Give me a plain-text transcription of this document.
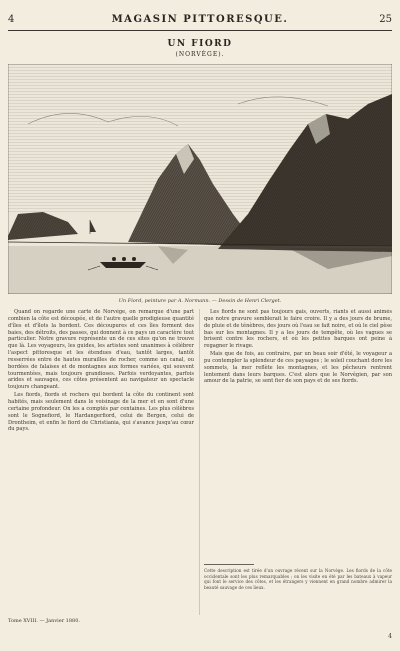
4	MAGASIN PITTORESQUE.	25
UN FIORD
(NORVÈGE).
Un Fiord, peinture par A. Normann. — Dessin de Henri Clerget.

Quand on regarde une carte de Norvège, on remarque d'une part combien la côte est découpée, et de l'autre quelle prodigieuse quantité d'îles et d'îlots la bordent. Ces découpures et ces îles forment des baies, des détroits, des passes, qui donnent à ce pays un caractère tout particulier. Notre gravure représente un de ces sites qu'on ne trouve que là. Les voyageurs, les guides, les artistes sont unanimes à célébrer l'aspect pittoresque et les étendues d'eau, tantôt larges, tantôt resserrées entre de hautes murailles de rocher, comme un canal, ou bordées de falaises et de montagnes aux formes variées, qui souvent tourmentées, mais toujours grandioses. Parfois verdoyantes, parfois arides et sauvages, ces côtes présentent au navigateur un spectacle toujours changeant.

Les fiords, fiords et rochers qui bordent la côte du continent sont habités, mais seulement dans le voisinage de la mer et en sont d'une certaine profondeur. On les a comptés par centaines. Les plus célèbres sont le Sognefiord, le Hardangerfiord, celui de Bergen, celui de Drontheim, et enfin le fiord de Christiania, qui s'avance jusqu'au cœur du pays.

Les fiords ne sont pas toujours gais, ouverts, riants et aussi animés que notre gravure semblerait le faire croire. Il y a des jours de brume, de pluie et de ténèbres, des jours où l'eau se fait noire, et où le ciel pèse bas sur les montagnes. Il y a les jours de tempête, où les vagues se brisent contre les rochers, et où les petites barques ont peine à regagner le rivage.

Mais que de fois, au contraire, par un beau soir d'été, le voyageur a pu contempler la splendeur de ces paysages ; le soleil couchant dore les sommets, la mer reflète les montagnes, et les pêcheurs rentrent lentement dans leurs barques. C'est alors que le Norvégien, par son amour de la patrie, se sent fier de son pays et de ses fiords.

Cette description est tirée d'un ouvrage récent sur la Norvège. Les fiords de la côte occidentale sont les plus remarquables ; on les visite en été par les bateaux à vapeur qui font le service des côtes, et les étrangers y viennent en grand nombre admirer la beauté sauvage de ces lieux.
Tome XVIII. — Janvier 1880.
4
